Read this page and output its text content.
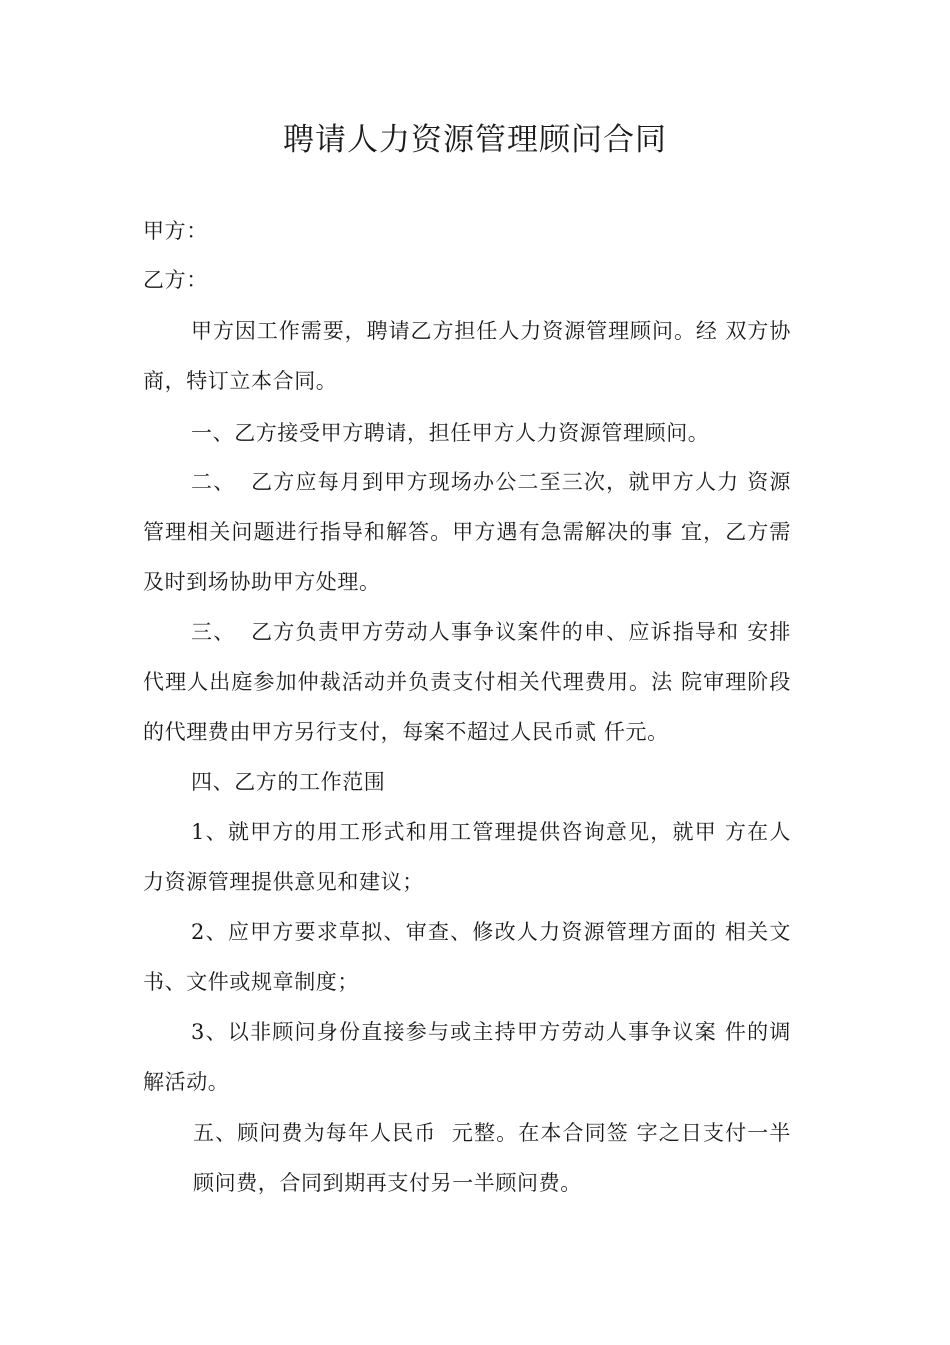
聘请人力资源管理顾问合同
甲方：
乙方：
甲方因工作需要，聘请乙方担任人力资源管理顾问。经 双方协商，特订立本合同。
一、乙方接受甲方聘请，担任甲方人力资源管理顾问。
二、  乙方应每月到甲方现场办公二至三次，就甲方人力 资源管理相关问题进行指导和解答。甲方遇有急需解决的事 宜，乙方需及时到场协助甲方处理。
三、  乙方负责甲方劳动人事争议案件的申、应诉指导和 安排代理人出庭参加仲裁活动并负责支付相关代理费用。法 院审理阶段的代理费由甲方另行支付，每案不超过人民币贰 仟元。
四、乙方的工作范围
1、就甲方的用工形式和用工管理提供咨询意见，就甲 方在人力资源管理提供意见和建议；
2、应甲方要求草拟、审查、修改人力资源管理方面的 相关文书、文件或规章制度；
3、以非顾问身份直接参与或主持甲方劳动人事争议案 件的调解活动。
五、顾问费为每年人民币  元整。在本合同签 字之日支付一半顾问费，合同到期再支付另一半顾问费。
